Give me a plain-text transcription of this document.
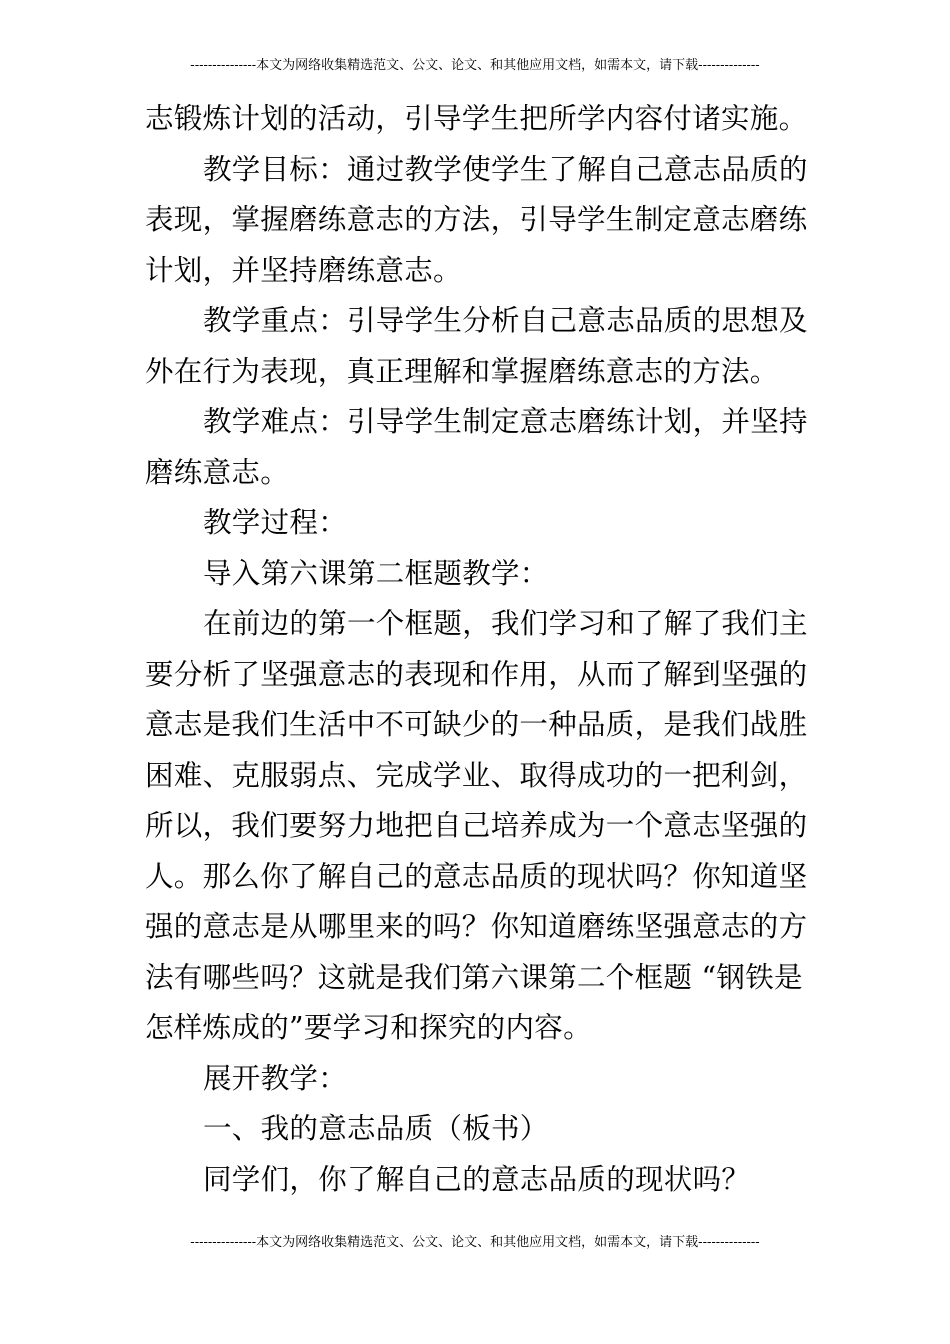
---------------本文为网络收集精选范文、公文、论文、和其他应用文档，如需本文，请下载--------------
志锻炼计划的活动，引导学生把所学内容付诸实施。
教学目标：通过教学使学生了解自己意志品质的
表现，掌握磨练意志的方法，引导学生制定意志磨练
计划，并坚持磨练意志。
教学重点：引导学生分析自己意志品质的思想及
外在行为表现，真正理解和掌握磨练意志的方法。
教学难点：引导学生制定意志磨练计划，并坚持
磨练意志。
教学过程：
导入第六课第二框题教学：
在前边的第一个框题，我们学习和了解了我们主
要分析了坚强意志的表现和作用，从而了解到坚强的
意志是我们生活中不可缺少的一种品质，是我们战胜
困难、克服弱点、完成学业、取得成功的一把利剑，
所以，我们要努力地把自己培养成为一个意志坚强的
人。那么你了解自己的意志品质的现状吗？你知道坚
强的意志是从哪里来的吗？你知道磨练坚强意志的方
法有哪些吗？这就是我们第六课第二个框题 “钢铁是
怎样炼成的”要学习和探究的内容。
展开教学：
一、我的意志品质（板书）
同学们，你了解自己的意志品质的现状吗？
---------------本文为网络收集精选范文、公文、论文、和其他应用文档，如需本文，请下载--------------
